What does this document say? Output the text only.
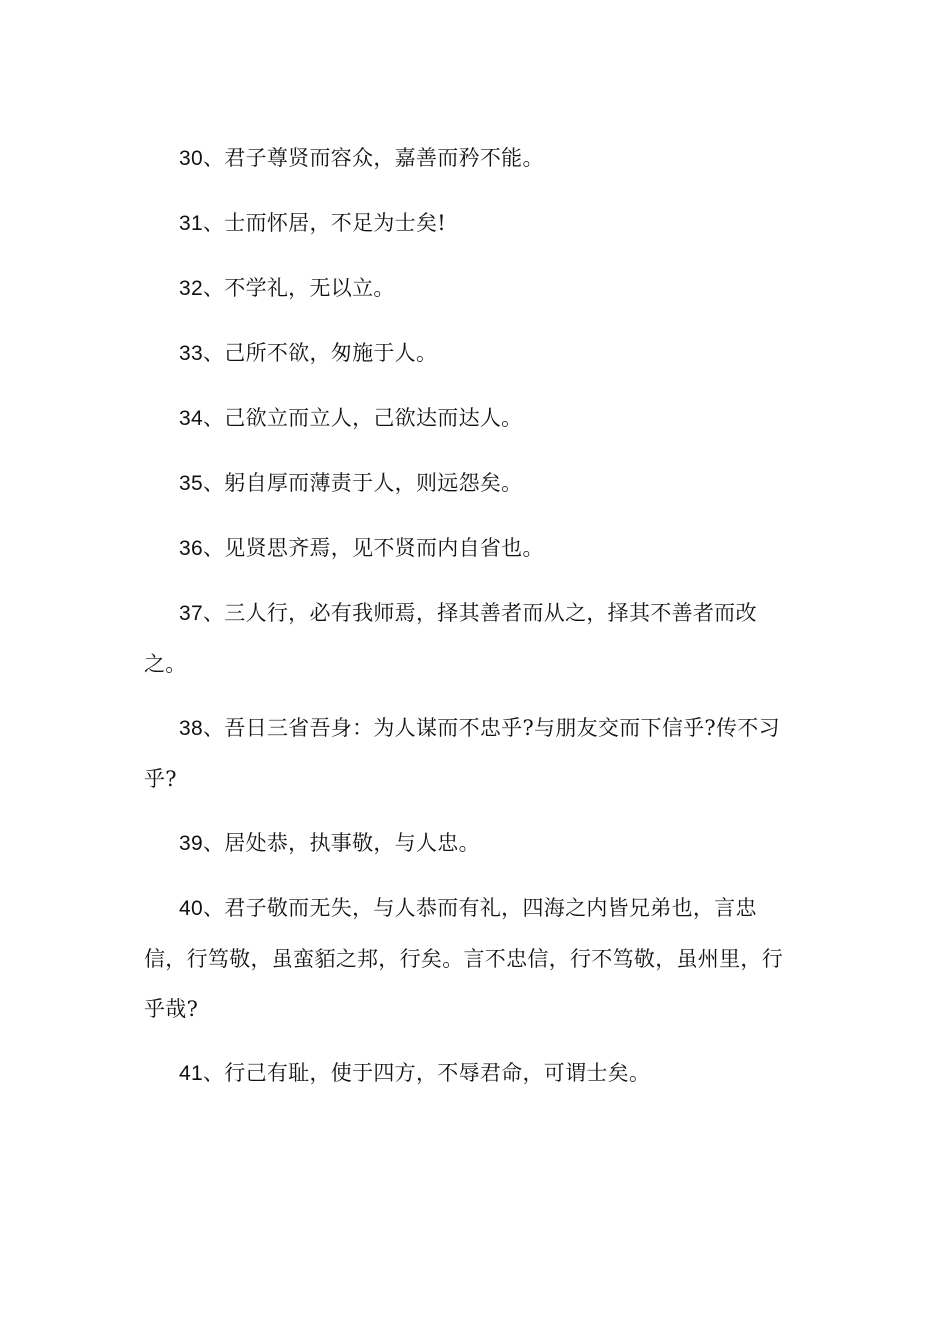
30、君子尊贤而容众，嘉善而矜不能。

31、士而怀居，不足为士矣!

32、不学礼，无以立。

33、己所不欲，匆施于人。

34、己欲立而立人，己欲达而达人。

35、躬自厚而薄责于人，则远怨矣。

36、见贤思齐焉，见不贤而内自省也。

37、三人行，必有我师焉，择其善者而从之，择其不善者而改之。

38、吾日三省吾身：为人谋而不忠乎?与朋友交而下信乎?传不习乎?

39、居处恭，执事敬，与人忠。

40、君子敬而无失，与人恭而有礼，四海之内皆兄弟也，言忠信，行笃敬，虽蛮貊之邦，行矣。言不忠信，行不笃敬，虽州里，行乎哉?

41、行己有耻，使于四方，不辱君命，可谓士矣。
